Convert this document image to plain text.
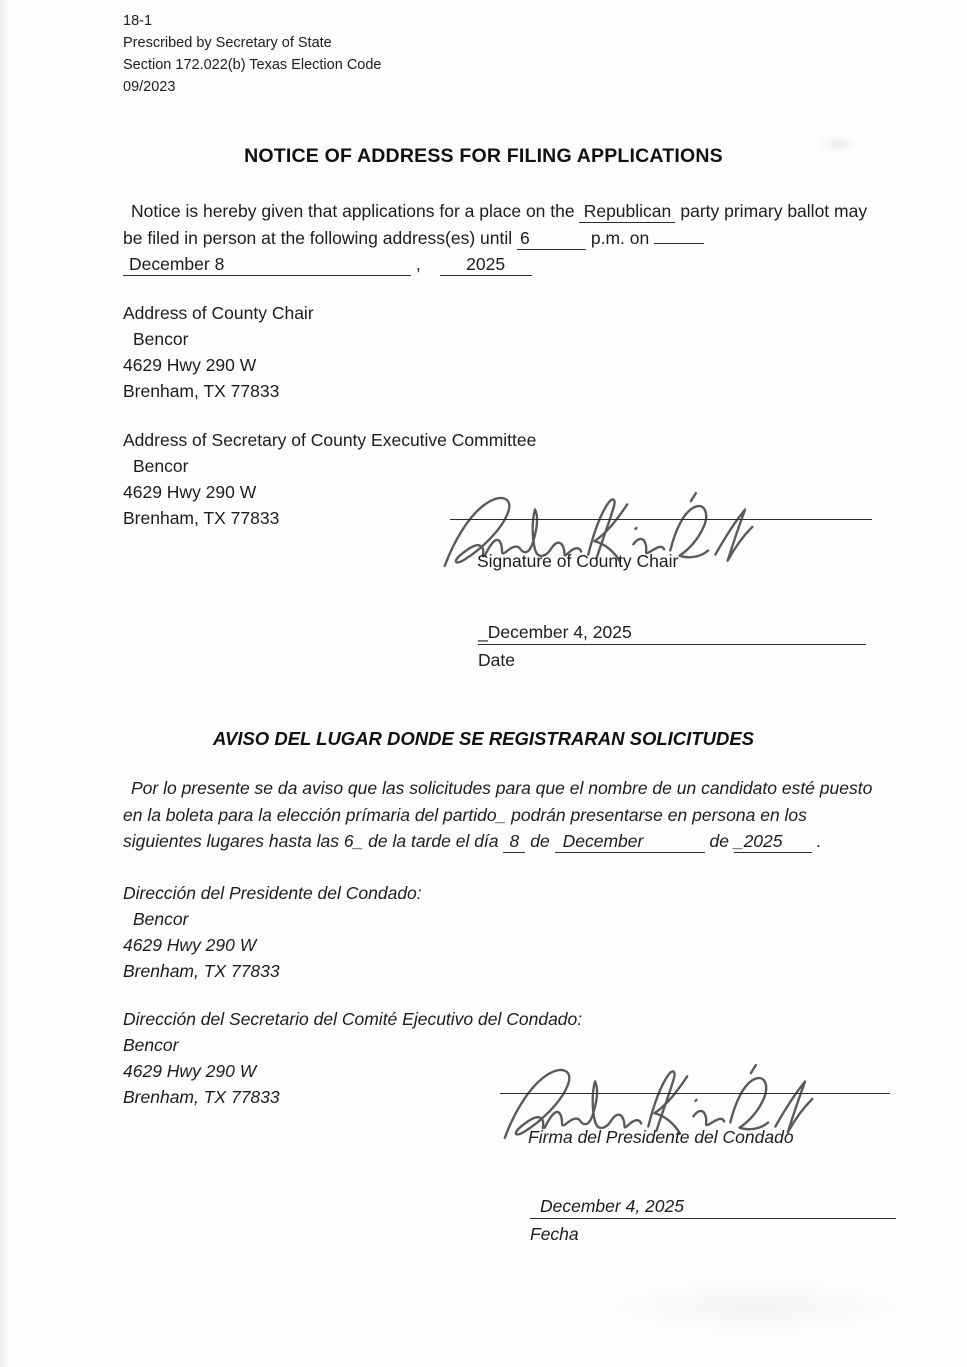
18-1
Prescribed by Secretary of State
Section 172.022(b) Texas Election Code
09/2023
NOTICE OF ADDRESS FOR FILING APPLICATIONS
Notice is hereby given that applications for a place on the Republican party primary ballot may
be filed in person at the following address(es) until 6	p.m. on
December 8	,	2025
Address of County Chair
Bencor
4629 Hwy 290 W
Brenham, TX 77833
Address of Secretary of County Executive Committee
Bencor
4629 Hwy 290 W
Brenham, TX 77833
Signature of County Chair
_December 4, 2025
Date
AVISO DEL LUGAR DONDE SE REGISTRARAN SOLICITUDES
Por lo presente se da aviso que las solicitudes para que el nombre de un candidato esté puesto
en la boleta para la elección prímaria del partido_ podrán presentarse en persona en los
siguientes lugares hasta las 6_ de la tarde el día 8 de December	de _2025 .
Dirección del Presidente del Condado:
Bencor
4629 Hwy 290 W
Brenham, TX 77833
Dirección del Secretario del Comité Ejecutivo del Condado:
Bencor
4629 Hwy 290 W
Brenham, TX 77833
Firma del Presidente del Condado
December 4, 2025
Fecha
